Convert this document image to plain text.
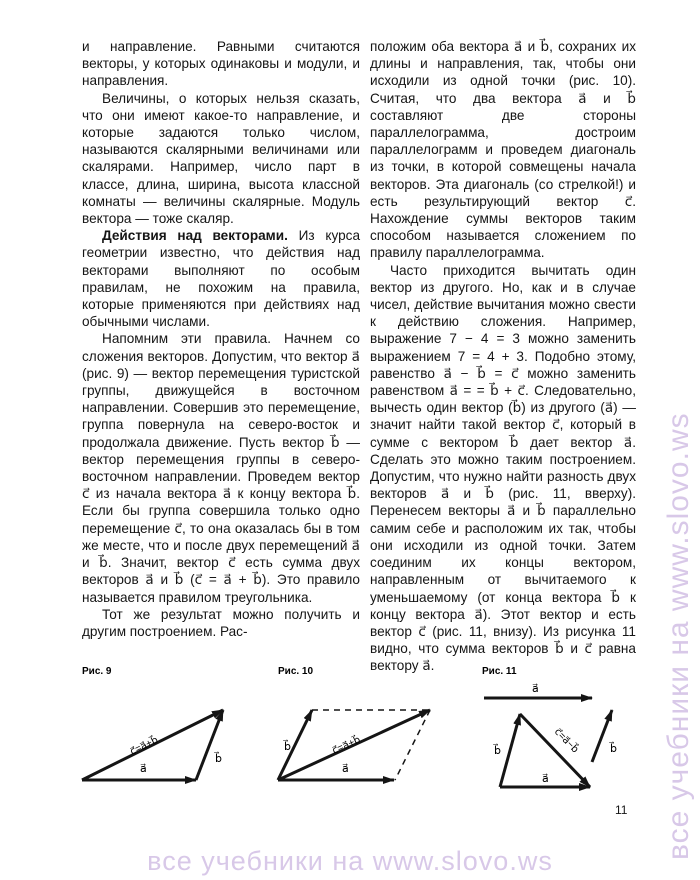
и направление. Равными считаются векторы, у которых одинаковы и модули, и направления.

Величины, о которых нельзя сказать, что они имеют какое-то направление, и которые задаются только числом, называются скалярными величинами или скалярами. Например, число парт в классе, длина, ширина, высота классной комнаты — величины скалярные. Модуль вектора — тоже скаляр.

Действия над векторами. Из курса геометрии известно, что действия над векторами выполняют по особым правилам, не похожим на правила, которые применяются при действиях над обычными числами.

Напомним эти правила. Начнем со сложения векторов. Допустим, что вектор a⃗ (рис. 9) — вектор перемещения туристской группы, движущейся в восточном направлении. Совершив это перемещение, группа повернула на северо-восток и продолжала движение. Пусть вектор b⃗ — вектор перемещения группы в северо-восточном направлении. Проведем вектор c⃗ из начала вектора a⃗ к концу вектора b⃗. Если бы группа совершила только одно перемещение c⃗, то она оказалась бы в том же месте, что и после двух перемещений a⃗ и b⃗. Значит, вектор c⃗ есть сумма двух векторов a⃗ и b⃗ (c⃗ = a⃗ + b⃗). Это правило называется правилом треугольника.

Тот же результат можно получить и другим построением. Рас-

положим оба вектора a⃗ и b⃗, сохраних их длины и направления, так, чтобы они исходили из одной точки (рис. 10). Считая, что два вектора a⃗ и b⃗ составляют две стороны параллелограмма, достроим параллелограмм и проведем диагональ из точки, в которой совмещены начала векторов. Эта диагональ (со стрелкой!) и есть результирующий вектор c⃗. Нахождение суммы векторов таким способом называется сложением по правилу параллелограмма.

Часто приходится вычитать один вектор из другого. Но, как и в случае чисел, действие вычитания можно свести к действию сложения. Например, выражение 7 − 4 = 3 можно заменить выражением 7 = 4 + 3. Подобно этому, равенство a⃗ − b⃗ = c⃗ можно заменить равенством a⃗ = = b⃗ + c⃗. Следовательно, вычесть один вектор (b⃗) из другого (a⃗) — значит найти такой вектор c⃗, который в сумме с вектором b⃗ дает вектор a⃗. Сделать это можно таким построением. Допустим, что нужно найти разность двух векторов a⃗ и b⃗ (рис. 11, вверху). Перенесем векторы a⃗ и b⃗ параллельно самим себе и расположим их так, чтобы они исходили из одной точки. Затем соединим их концы вектором, направленным от вычитаемого к уменьшаемому (от конца вектора b⃗ к концу вектора a⃗). Этот вектор и есть вектор c⃗ (рис. 11, внизу). Из рисунка 11 видно, что сумма векторов b⃗ и c⃗ равна вектору a⃗.

Рис. 9
a⃗
b⃗
c⃗=a⃗+b⃗
Рис. 10
a⃗
b⃗	c⃗=a⃗+b⃗
Рис. 11
a⃗
b⃗
a⃗
b⃗	c⃗=a⃗−b⃗
11 все учебники на www.slovo.ws
все учебники на www.slovo.ws
